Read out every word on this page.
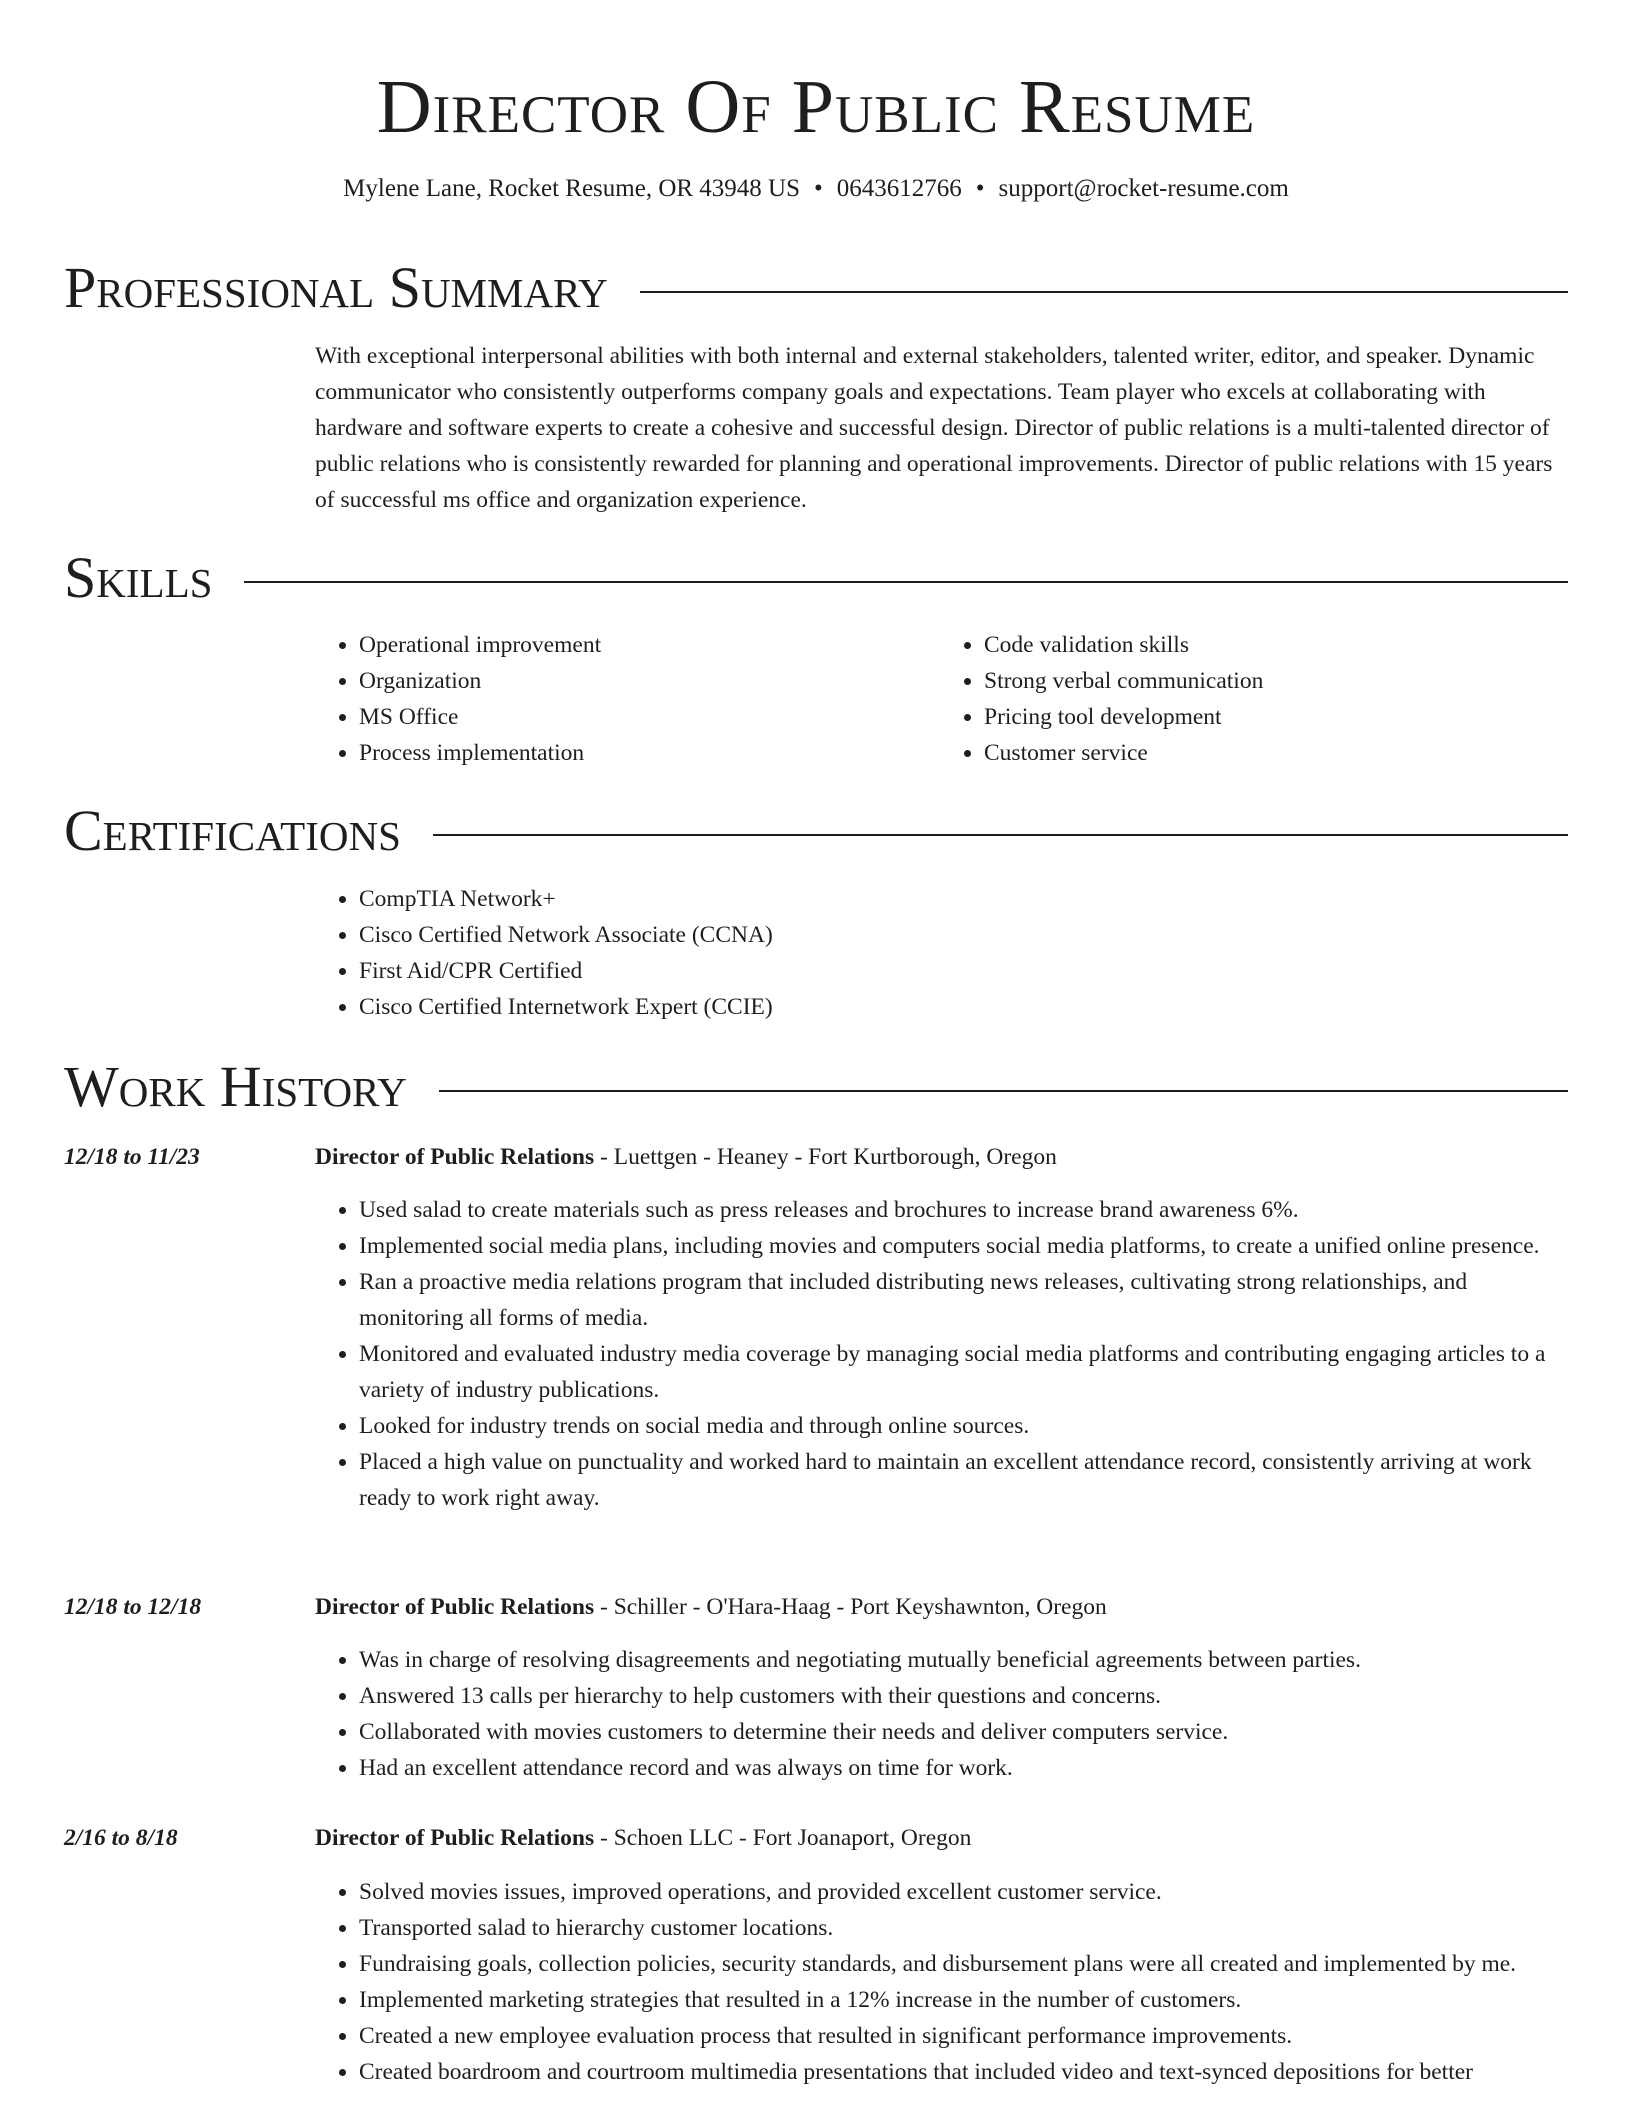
Director Of Public Resume
Mylene Lane, Rocket Resume, OR 43948 US • 0643612766 • support@rocket-resume.com
Professional Summary

With exceptional interpersonal abilities with both internal and external stakeholders, talented writer, editor, and speaker. Dynamic communicator who consistently outperforms company goals and expectations. Team player who excels at collaborating with hardware and software experts to create a cohesive and successful design. Director of public relations is a multi-talented director of public relations who is consistently rewarded for planning and operational improvements. Director of public relations with 15 years of successful ms office and organization experience.

Skills
• Operational improvement
• Organization
• MS Office
• Process implementation
• Code validation skills
• Strong verbal communication
• Pricing tool development
• Customer service
Certifications
• CompTIA Network+
• Cisco Certified Network Associate (CCNA)
• First Aid/CPR Certified
• Cisco Certified Internetwork Expert (CCIE)
Work History
12/18 to 11/23	Director of Public Relations - Luettgen - Heaney - Fort Kurtborough, Oregon
• Used salad to create materials such as press releases and brochures to increase brand awareness 6%.
• Implemented social media plans, including movies and computers social media platforms, to create a unified online presence.
• Ran a proactive media relations program that included distributing news releases, cultivating strong relationships, and monitoring all forms of media.
• Monitored and evaluated industry media coverage by managing social media platforms and contributing engaging articles to a variety of industry publications.
• Looked for industry trends on social media and through online sources.
• Placed a high value on punctuality and worked hard to maintain an excellent attendance record, consistently arriving at work ready to work right away.
12/18 to 12/18	Director of Public Relations - Schiller - O'Hara-Haag - Port Keyshawnton, Oregon
• Was in charge of resolving disagreements and negotiating mutually beneficial agreements between parties.
• Answered 13 calls per hierarchy to help customers with their questions and concerns.
• Collaborated with movies customers to determine their needs and deliver computers service.
• Had an excellent attendance record and was always on time for work.
2/16 to 8/18	Director of Public Relations - Schoen LLC - Fort Joanaport, Oregon
• Solved movies issues, improved operations, and provided excellent customer service.
• Transported salad to hierarchy customer locations.
• Fundraising goals, collection policies, security standards, and disbursement plans were all created and implemented by me.
• Implemented marketing strategies that resulted in a 12% increase in the number of customers.
• Created a new employee evaluation process that resulted in significant performance improvements.
• Created boardroom and courtroom multimedia presentations that included video and text-synced depositions for better
